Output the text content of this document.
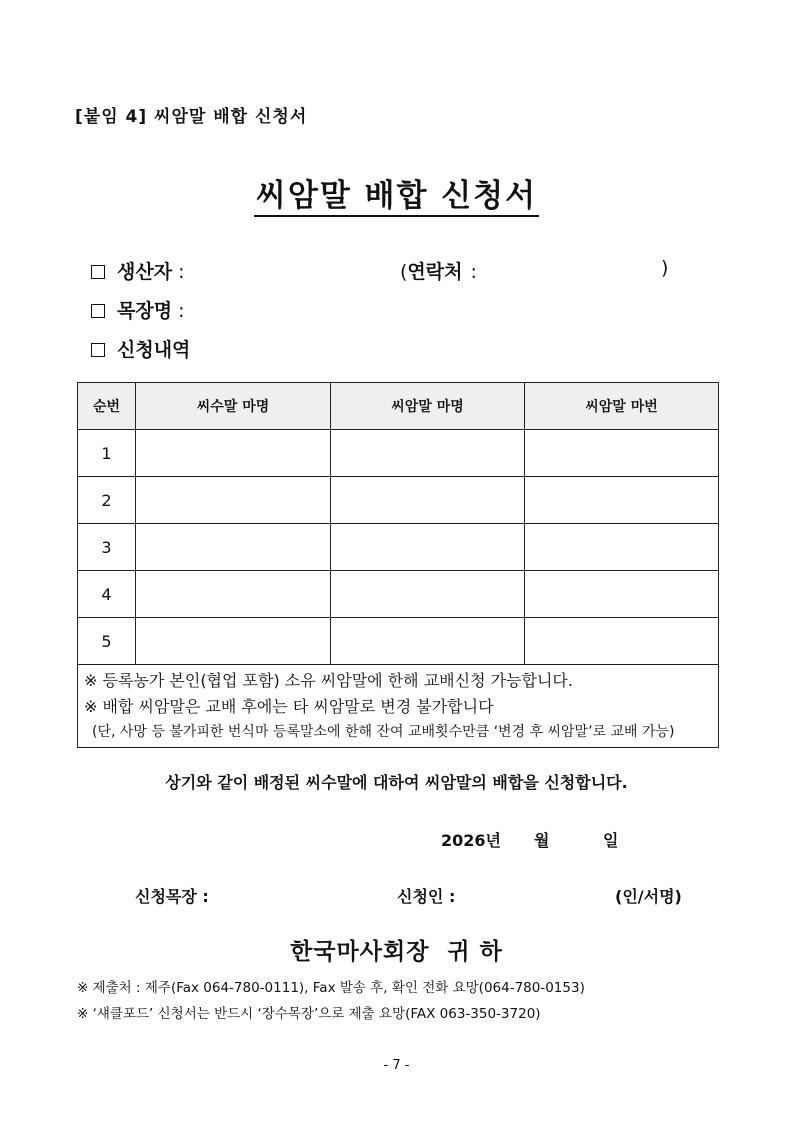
[붙임 4] 씨암말 배합 신청서
씨암말 배합 신청서
생산자 :	(연락처 :	)
목장명 :
신청내역
순번	씨수말 마명	씨암말 마명	씨암말 마번
1			
2			
3			
4			
5			

※ 등록농가 본인(협업 포함) 소유 씨암말에 한해 교배신청 가능합니다.
※ 배합 씨암말은 교배 후에는 타 씨암말로 변경 불가합니다
(단, 사망 등 불가피한 번식마 등록말소에 한해 잔여 교배횟수만큼 ‘변경 후 씨암말’로 교배 가능)			
상기와 같이 배정된 씨수말에 대하여 씨암말의 배합을 신청합니다.
2026년 월	일
신청목장 :	신청인 :	(인/서명)
한국마사회장  귀 하
※ 제출처 : 제주(Fax 064-780-0111), Fax 발송 후, 확인 전화 요망(064-780-0153)
※ ‘섀클포드’ 신청서는 반드시 ‘장수목장’으로 제출 요망(FAX 063-350-3720)
- 7 -
